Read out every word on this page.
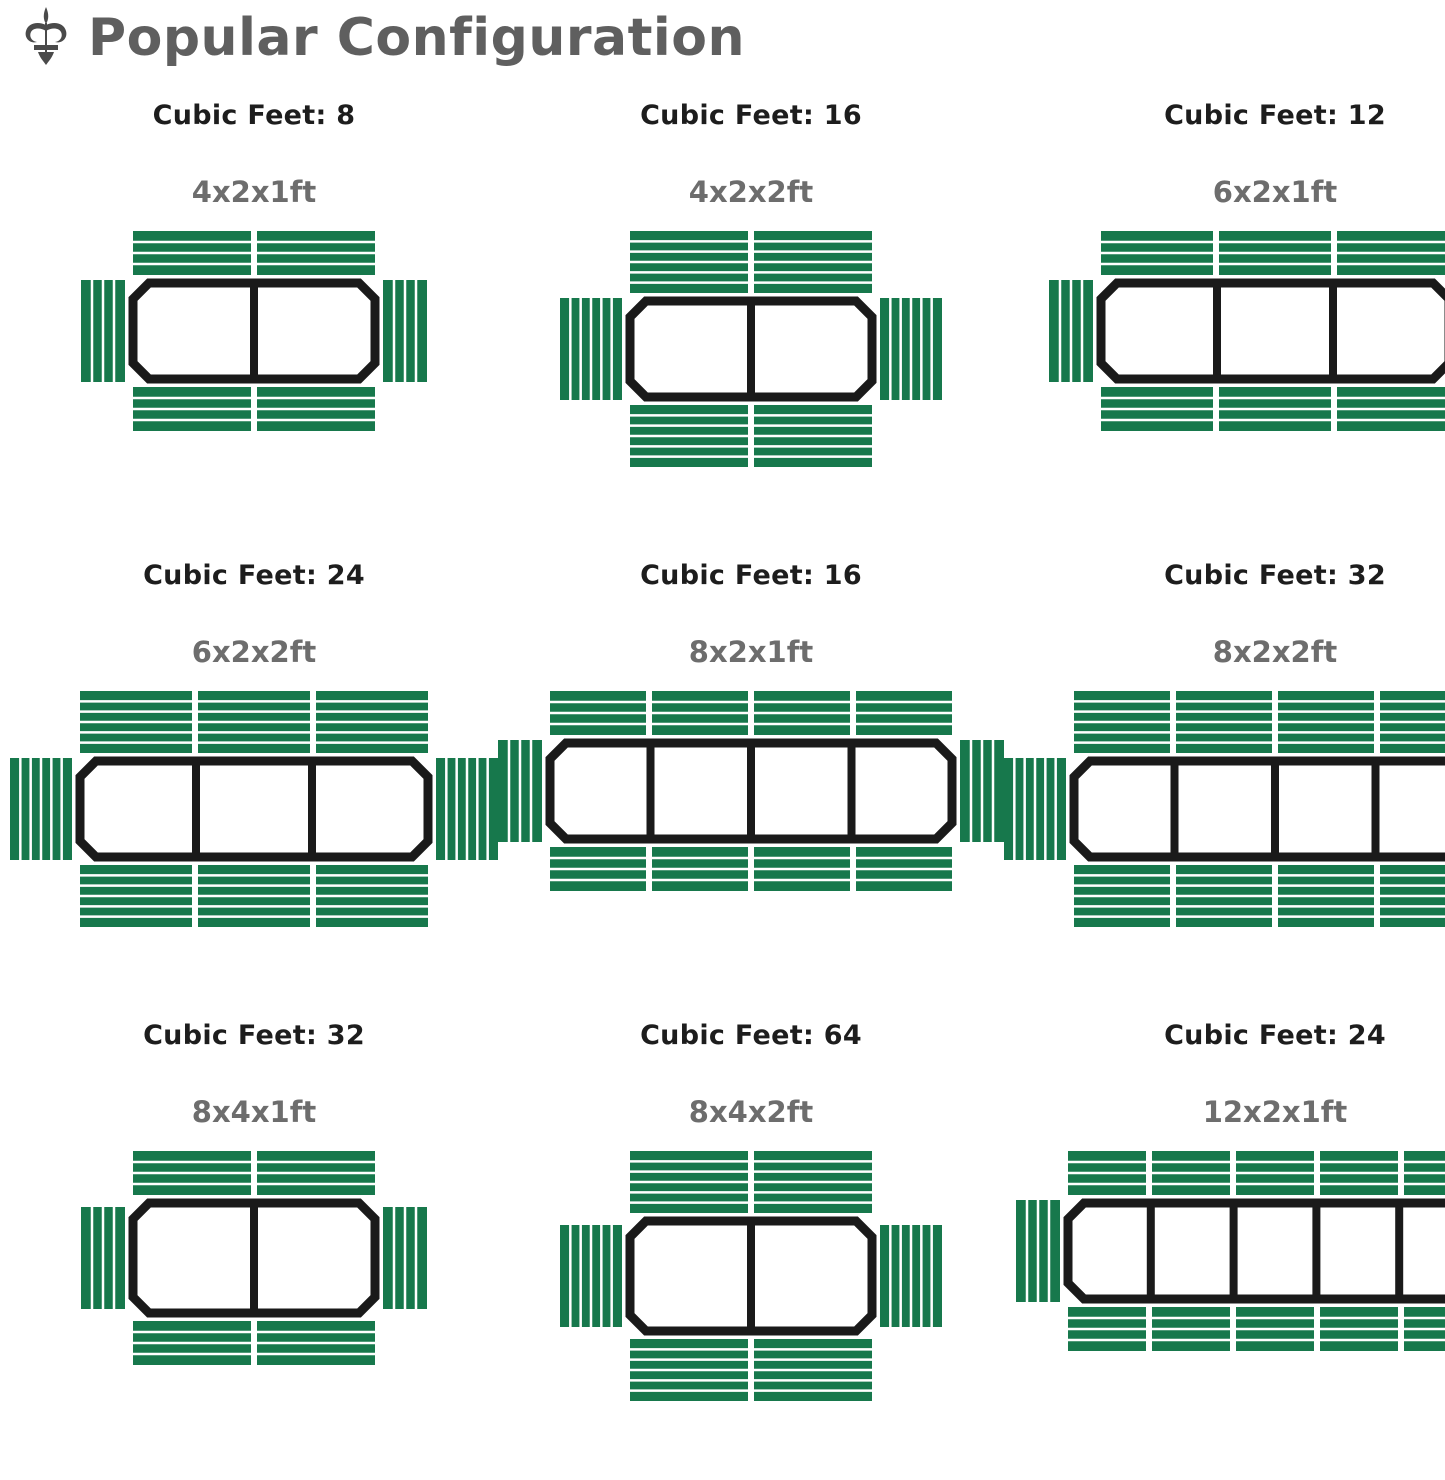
Popular Configuration
Cubic Feet: 8
4x2x1ft
Cubic Feet: 16
4x2x2ft
Cubic Feet: 12
6x2x1ft
Cubic Feet: 24
6x2x2ft
Cubic Feet: 16
8x2x1ft
Cubic Feet: 32
8x2x2ft
Cubic Feet: 32
8x4x1ft
Cubic Feet: 64
8x4x2ft
Cubic Feet: 24
12x2x1ft
